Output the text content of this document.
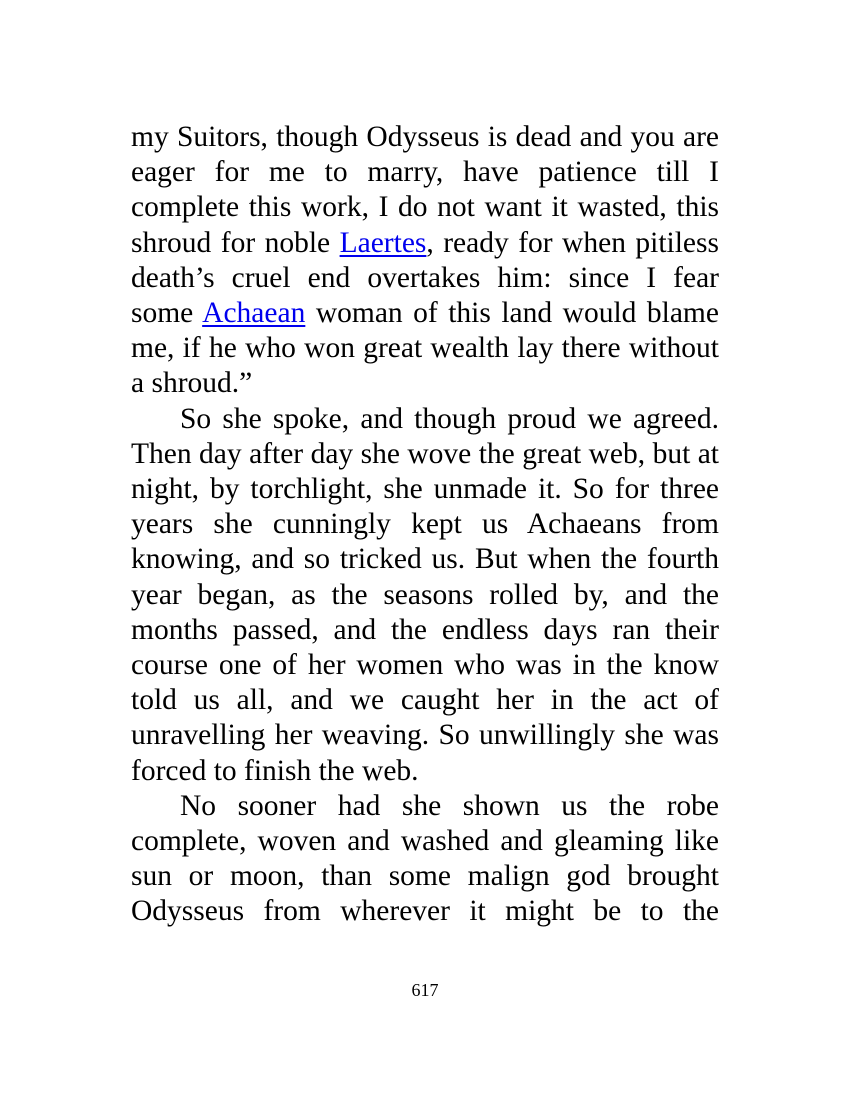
my Suitors, though Odysseus is dead and you are eager for me to marry, have patience till I complete this work, I do not want it wasted, this shroud for noble Laertes, ready for when pitiless death’s cruel end overtakes him: since I fear some Achaean woman of this land would blame me, if he who won great wealth lay there without a shroud.”

So she spoke, and though proud we agreed. Then day after day she wove the great web, but at night, by torchlight, she unmade it. So for three years she cunningly kept us Achaeans from knowing, and so tricked us. But when the fourth year began, as the seasons rolled by, and the months passed, and the endless days ran their course one of her women who was in the know told us all, and we caught her in the act of unravelling her weaving. So unwillingly she was forced to finish the web.

No sooner had she shown us the robe complete, woven and washed and gleaming like sun or moon, than some malign god brought Odysseus from wherever it might be to the

617
